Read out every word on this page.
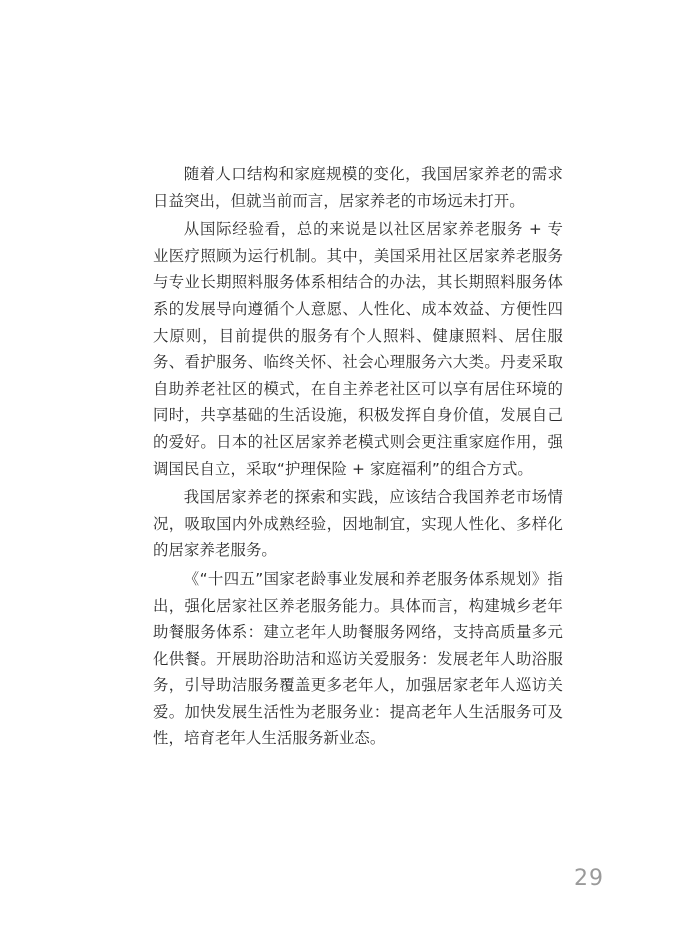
随着人口结构和家庭规模的变化，我国居家养老的需求日益突出，但就当前而言，居家养老的市场远未打开。

从国际经验看，总的来说是以社区居家养老服务 + 专业医疗照顾为运行机制。其中，美国采用社区居家养老服务与专业长期照料服务体系相结合的办法，其长期照料服务体系的发展导向遵循个人意愿、人性化、成本效益、方便性四大原则，目前提供的服务有个人照料、健康照料、居住服务、看护服务、临终关怀、社会心理服务六大类。丹麦采取自助养老社区的模式，在自主养老社区可以享有居住环境的同时，共享基础的生活设施，积极发挥自身价值，发展自己的爱好。日本的社区居家养老模式则会更注重家庭作用，强调国民自立，采取“护理保险 + 家庭福利”的组合方式。

我国居家养老的探索和实践，应该结合我国养老市场情况，吸取国内外成熟经验，因地制宜，实现人性化、多样化的居家养老服务。

《“十四五”国家老龄事业发展和养老服务体系规划》指出，强化居家社区养老服务能力。具体而言，构建城乡老年助餐服务体系：建立老年人助餐服务网络，支持高质量多元化供餐。开展助浴助洁和巡访关爱服务：发展老年人助浴服务，引导助洁服务覆盖更多老年人，加强居家老年人巡访关爱。加快发展生活性为老服务业：提高老年人生活服务可及性，培育老年人生活服务新业态。

29
